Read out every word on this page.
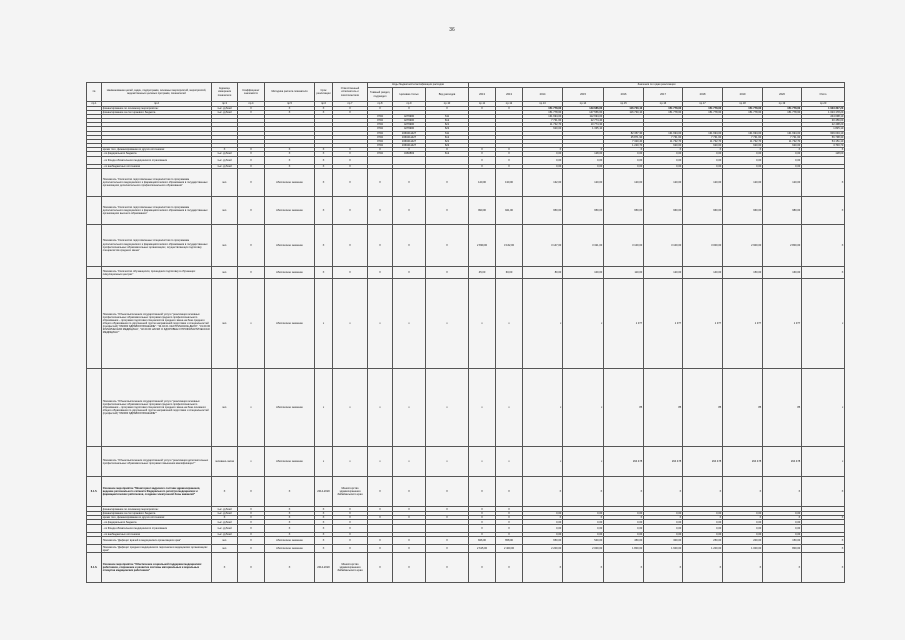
36
№	Наименование целей, задач, подпрограмм, основных мероприятий, мероприятий, ведомственных целевых программ, показателей	Единица измерения показателя	Коэффициент значимости	Методика расчета показателя	Срок реализации	Ответственный исполнитель и соисполнители	Коды бюджетной классификации расходов			Значения по годам реализации									
							Главный раздел, подраздел	Целевая статья	Вид расходов	2013	2013	2014	2015	2016	2017	2018	2019	2020	Итого

пр.1	пр.2	пр.3	пр.4	пр.5	пр.6	пр.7	пр.8	пр.9	пр.10	пр.11	пр.12	пр.13	пр.14	пр.15	пр.16	пр.17	пр.18	пр.19	пр.20
	финансирование по основному мероприятию:	тыс. рублей	Х	Х	Х	Х	Х	Х	Х	Х	Х	151 778,60	149 686,60	116 730,10	151 778,60	151 778,60	151 778,60	151 778,60	1 023 307,20
	финансирование за счет краевого бюджета	тыс. рублей	Х	Х	Х	Х						151 778,60	147 556,60	116 730,10	151 778,60	151 778,60	151 778,60	151 778,60	1 023 178,20
							0704	4279900	611			131 694,00	112 694,00						244 098,10
							0704	4279900	612			7 731,60	22 774,40						30 456,00
							0704	4279900	621			11 732,70	10 774,30						22 498,20
							0704	4279900	622			620,00	1 335,10						1 825,10
							0704	1660411427	611					82 357,30	131 694,00	131 694,00	131 694,00	131 694,00	609 094,10
							0704	1660411427	612					25 871,90	7 731,60	7 731,60	7 731,60	7 731,60	56 798,30
							0704	1660411427	621					7 320,40	11 732,70	11 732,70	11 732,70	11 732,70	54 151,10
							0704	1660411427	622					1 220,70	620,00	620,00	620,00	620,00	3 700,70
	кроме того, финансирование из других источников:	Х	Х	Х	Х	Х	Х	Х	Х	Х	Х	Х	Х	Х	Х	Х	Х	Х	Х
	- из федерального бюджета	тыс. рублей	Х	Х	Х	Х	0704	4360893	612	Х	Х	0,00	128,00	0,00	0,00	0,00	0,00	0,00	128,00
	- из Фонда обязательного медицинского страхования	тыс. рублей	Х	Х	Х	Х				Х	Х	0,00	0,00	0,00	0,00	0,00	0,00	0,00	
	- из внебюджетных источников	тыс. рублей	Х	Х	Х	Х				Х	Х	0,00	0,00	0,00	0,00	0,00	0,00	0,00	
	Показатель "Количество подготовленных специалистов по программам дополнительного медицинского и фармацевтического образования в государственных организациях дополнительного профессионального образования"	чел.	Х	Абсолютное значение	Х	Х	Х	Х	Х	140,00	130,00	132,00	120,00	120,00	120,00	120,00	120,00	120,00	Х
	Показатель "Количество подготовленных специалистов по программам дополнительного медицинского и фармацевтического образования в государственных организациях высшего образования"	чел.	Х	Абсолютное значение	Х	Х	Х	Х	Х	990,00	941,00	950,00	950,00	950,00	960,00	960,00	960,00	980,00	Х
	Показатель "Количество подготовленных специалистов по программам дополнительного медицинского и фармацевтического образования в государственных профессиональных образовательных организациях, осуществляющих подготовку специалистов среднего звена"	чел.	Х	Абсолютное значение	Х	Х	Х	Х	Х	2 839,00	3 162,00	3 147,00	3 321,00	3 100,00	3 100,00	3 000,00	2 900,00	2 800,00	Х
	Показатель "Количество обучающихся, прошедших подготовку в обучающих симуляционных центрах"	чел.	Х	Абсолютное значение	Х	Х	Х	Х	Х	45,00	60,00	80,00	100,00	110,00	120,00	140,00	150,00	160,00	Х
	Показатель "Объем выполнения государственной услуги "реализация основных профессиональных образовательных программ среднего профессионального образования – программ подготовки специалистов среднего звена на базе среднего общего образования по укрупненной группе направлений подготовки и специальностей (профессий) "060000 ЗДРАВООХРАНЕНИЕ": "34.02.01 СЕСТРИНСКОЕ ДЕЛО", "31.00.00 КЛИНИЧЕСКАЯ МЕДИЦИНА", "32.00.00 НАУКИ О ЗДОРОВЬЕ И ПРОФИЛАКТИЧЕСКАЯ МЕДИЦИНА""	чел.	х	Абсолютное значение	х	х	х	х	х	х	х	х	х	1 377	1 377	1 377	1 377	1 377	х
	Показатель "Объем выполнения государственной услуги "реализация основных профессиональных образовательных программ среднего профессионального образования – программ подготовки специалистов среднего звена на базе основного общего образования по укрупненной группе направлений подготовки и специальностей (профессий) "060000 ЗДРАВООХРАНЕНИЕ""	чел.	х	Абсолютное значение	х	х	х	х	х	х	х	х	х	85	85	85	85	85	х
	Показатель "Объем выполнения государственной услуги "реализация дополнительных профессиональных образовательных программ повышения квалификации""	человеко-часов	х	Абсолютное значение	х	х	х	х	х	х	х	х	х	294 478	294 478	294 478	294 478	294 478	х
6.1.5.	Основное мероприятие "Мониторинг кадрового состава здравоохранения, ведение регионального сегмента Федерального регистра медицинских и фармацевтических работников, создание электронной базы вакансий"	Х	Х	Х	2014-2020	Министерство здравоохранения Забайкальского края	Х	Х	Х	Х	Х	Х	Х	Х	Х	Х	Х	Х	Х
	финансирование по основному мероприятию:	тыс. рублей	Х	Х	Х	Х	Х	Х	Х	Х	Х								
	финансирование за счет краевого бюджета	тыс. рублей	Х	Х	Х	Х				Х	Х	0,00	0,00	0,00	0,00	0,00	0,00	0,00	
	кроме того, финансирование из других источников:	Х	Х	Х	Х	Х	Х	Х	Х	Х	Х	Х	Х	Х	Х	Х	Х	Х	Х
	- из федерального бюджета	тыс. рублей	Х	Х	Х	Х				Х	Х	0,00	0,00	0,00	0,00	0,00	0,00	0,00	
	- из Фонда обязательного медицинского страхования	тыс. рублей	Х	Х	Х	Х				Х	Х	0,00	0,00	0,00	0,00	0,00	0,00	0,00	
	- из внебюджетных источников	тыс. рублей	Х	Х	Х	Х				Х	Х	0,00	0,00	0,00	0,00	0,00	0,00	0,00	
	Показатель "Дефицит врачей в медицинских организациях края"	чел.	Х	Абсолютное значение	Х	Х	Х	Х	Х	846,00	658,00	650,00	540,00	450,00	300,00	250,00	200,00	150,00	Х
	Показатель "Дефицит среднего медицинского персонала в медицинских организациях края"	чел.	Х	Абсолютное значение	Х	Х	Х	Х	Х	2 615,00	2 400,00	2 200,00	2 000,00	1 800,00	1 600,00	1 200,00	1 000,00	800,00	Х
6.1.6.	Основное мероприятие "Обеспечение социальной поддержки медицинских работников, сохранение и развитие системы материальных и моральных стимулов медицинских работников"	Х	Х	Х	2014-2020	Министерство здравоохранения Забайкальского края	Х	Х	Х	Х	Х	Х	Х	Х	Х	Х	Х	Х	Х
